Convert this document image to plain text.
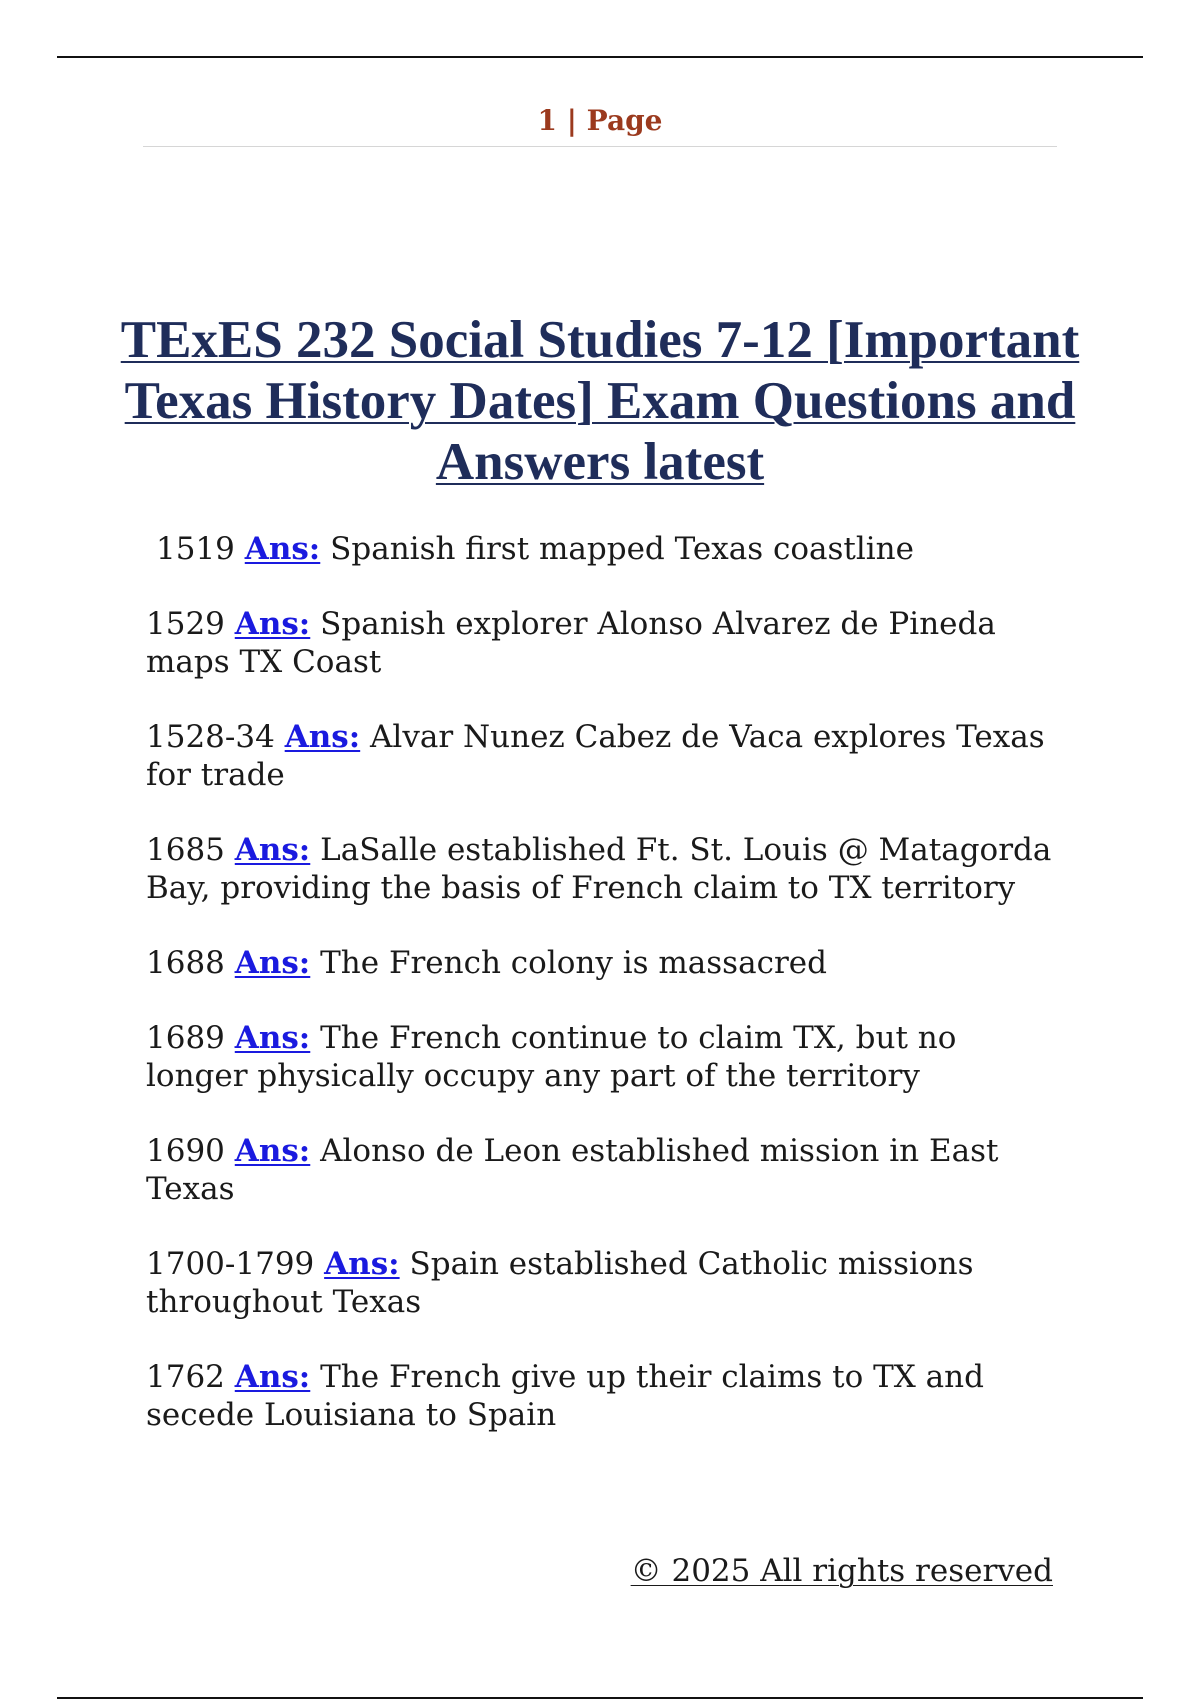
1 | Page
TExES 232 Social Studies 7-12 [Important Texas History Dates] Exam Questions and Answers latest

1519 Ans: Spanish first mapped Texas coastline

1529 Ans: Spanish explorer Alonso Alvarez de Pineda maps TX Coast

1528-34 Ans: Alvar Nunez Cabez de Vaca explores Texas for trade

1685 Ans: LaSalle established Ft. St. Louis @ Matagorda Bay, providing the basis of French claim to TX territory

1688 Ans: The French colony is massacred

1689 Ans: The French continue to claim TX, but no longer physically occupy any part of the territory

1690 Ans: Alonso de Leon established mission in East Texas

1700-1799 Ans: Spain established Catholic missions throughout Texas

1762 Ans: The French give up their claims to TX and secede Louisiana to Spain

© 2025 All rights reserved
